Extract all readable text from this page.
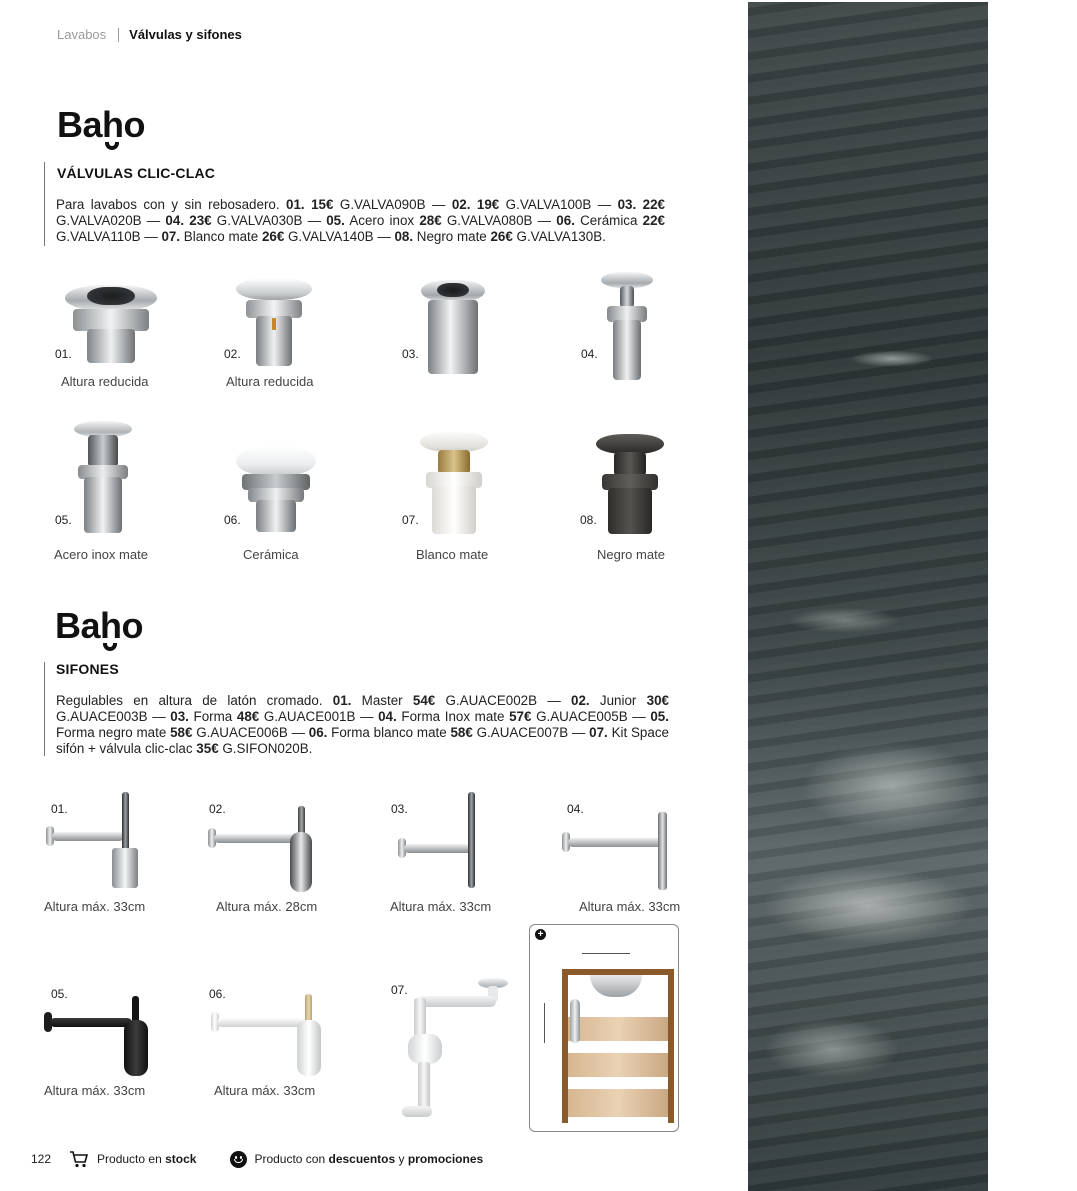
Lavabos Válvulas y sifones
Baho
VÁLVULAS CLIC-CLAC
Para lavabos con y sin rebosadero. 01. 15€ G.VALVA090B — 02. 19€ G.VALVA100B — 03. 22€ G.VALVA020B — 04. 23€ G.VALVA030B — 05. Acero inox 28€ G.VALVA080B — 06. Cerámica 22€ G.VALVA110B — 07. Blanco mate 26€ G.VALVA140B — 08. Negro mate 26€ G.VALVA130B.
01.
Altura reducida
02.
Altura reducida
03.	04.
05.
Acero inox mate
06.
Cerámica
07.
Blanco mate
08.
Negro mate
Baho
SIFONES
Regulables en altura de latón cromado. 01. Master 54€ G.AUACE002B — 02. Junior 30€ G.AUACE003B — 03. Forma 48€ G.AUACE001B — 04. Forma Inox mate 57€ G.AUACE005B — 05. Forma negro mate 58€ G.AUACE006B — 06. Forma blanco mate 58€ G.AUACE007B — 07. Kit Space sifón + válvula clic-clac 35€ G.SIFON020B.
01.
Altura máx. 33cm
02.
Altura máx. 28cm
03.
Altura máx. 33cm
04.
Altura máx. 33cm
05.
Altura máx. 33cm
06.
Altura máx. 33cm
07.
+
122	Producto en stock	Producto con descuentos y promociones
